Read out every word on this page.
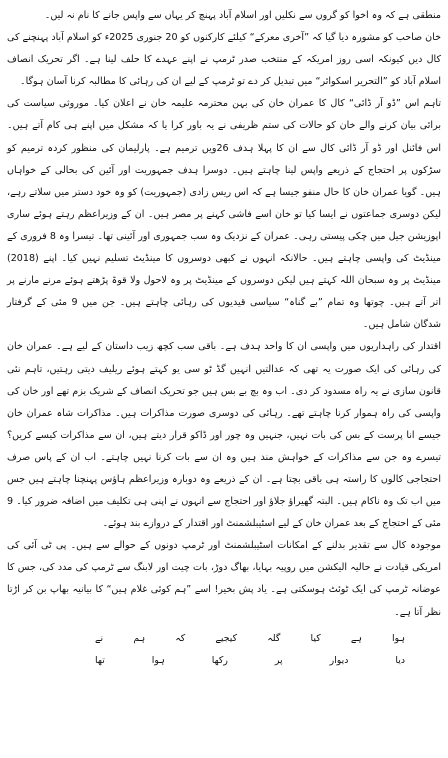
منطقی ہے کہ وہ اخوا کو گروں سے نکلیں اور اسلام آباد پہنچ کر یہاں سے واپس جانے کا نام نہ لیں۔

خان صاحب کو مشورہ دیا گیا کہ ”آخری معرکے“ کیلئے کارکنوں کو 20 جنوری 2025ء کو اسلام آباد پہنچنے کی کال دیں کیونکہ اسی روز امریکہ کے منتخب صدر ٹرمپ نے اپنے عہدے کا حلف لینا ہے۔ اگر تحریک انصاف اسلام آباد کو ”التحریر اسکوائر“ میں تبدیل کر دے تو ٹرمپ کے لیے ان کی رہائی کا مطالبہ کرنا آسان ہوگا۔

تاہم اس ”ڈو آر ڈائی“ کال کا عمران خان کی بہن محترمہ علیمہ خان نے اعلان کیا۔ موروثی سیاست کی برائی بیان کرنے والے خان کو حالات کی ستم ظریفی نے یہ باور کرا یا کہ مشکل میں اپنے ہی کام آتے ہیں۔ اس فائنل اور ڈو آر ڈائی کال سے ان کا پہلا ہدف 26ویں ترمیم ہے۔ پارلیمان کی منظور کردہ ترمیم کو سڑکوں پر احتجاج کے ذریعے واپس لینا چاہتے ہیں۔ دوسرا ہدف جمہوریت اور آئین کی بحالی کے خواہاں ہیں۔ گویا عمران خان کا حال منفو جیسا ہے کہ اس ریس زادی (جمہوریت) کو وہ خود دستر میں سلاتے رہے، لیکن دوسری جماعتوں نے ایسا کیا تو خان اسے فاشی کہنے پر مصر ہیں۔ ان کے وزیراعظم رہتے ہوئے ساری اپوزیشن جیل میں چکی پیستی رہی۔ عمران کے نزدیک وہ سب جمہوری اور آئینی تھا۔ تیسرا وہ 8 فروری کے مینڈیٹ کی واپسی چاہتے ہیں۔ حالانکہ انہوں نے کبھی دوسروں کا مینڈیٹ تسلیم نہیں کیا۔ اپنے (2018) مینڈیٹ پر وہ سبحان اللہ کہتے ہیں لیکن دوسروں کے مینڈیٹ پر وہ لاحول ولا قوۃ پڑھتے ہوئے مرنے مارنے پر اتر آتے ہیں۔ چوتھا وہ تمام ”بے گناہ“ سیاسی قیدیوں کی رہائی چاہتے ہیں۔ جن میں 9 مئی کے گرفتار شدگان شامل ہیں۔

اقتدار کی راہداریوں میں واپسی ان کا واحد ہدف ہے۔ باقی سب کچھ زیب داستان کے لیے ہے۔ عمران خان کی رہائی کی ایک صورت یہ تھی کہ عدالتیں انہیں گڈ ٹو سی یو کہتے ہوئے ریلیف دیتی رہتیں، تاہم نئی قانون سازی نے یہ راہ مسدود کر دی۔ اب وہ بچ بے بس ہیں جو تحریک انصاف کے شریک بزم تھے اور خان کی واپسی کی راہ ہموار کرنا چاہتے تھے۔ رہائی کی دوسری صورت مذاکرات ہیں۔ مذاکرات شاہ عمران خان جیسے انا پرست کے بس کی بات نہیں، جنہیں وہ چور اور ڈاکو قرار دیتے ہیں، ان سے مذاکرات کیسے کریں؟ تیسرے وہ جن سے مذاکرات کے خواہش مند ہیں وہ ان سے بات کرنا نہیں چاہتے۔ اب ان کے پاس صرف احتجاجی کالوں کا راستہ ہی باقی بچتا ہے۔ ان کے ذریعے وہ دوبارہ وزیراعظم ہاؤس پہنچنا چاہتے ہیں جس میں اب تک وہ ناکام ہیں۔ البتہ گھیراؤ جلاؤ اور احتجاج سے انہوں نے اپنی ہی تکلیف میں اضافہ ضرور کیا۔ 9 مئی کے احتجاج کے بعد عمران خان کے لیے اسٹیبلشمنٹ اور اقتدار کے دروازے بند ہوئے۔

موجودہ کال سے تقدیر بدلنے کے امکانات اسٹیبلشمنٹ اور ٹرمپ دونوں کے حوالے سے ہیں۔ پی ٹی آئی کی امریکی قیادت نے حالیہ الیکشن میں روپیہ بہایا، بھاگ دوڑ، بات چیت اور لابنگ سے ٹرمپ کی مدد کی، جس کا عوضانہ ٹرمپ کی ایک ٹوئٹ ہوسکتی ہے۔ یاد پش بخیر! اسے ”ہم کوئی غلام ہیں“ کا بیانیہ بھاپ بن کر اڑتا نظر آتا ہے۔

ہوا
ہے
کیا
گلہ
کیجیے
کہ
ہم
نے
دیا
دیوار
پر
رکھا
ہوا
تھا
